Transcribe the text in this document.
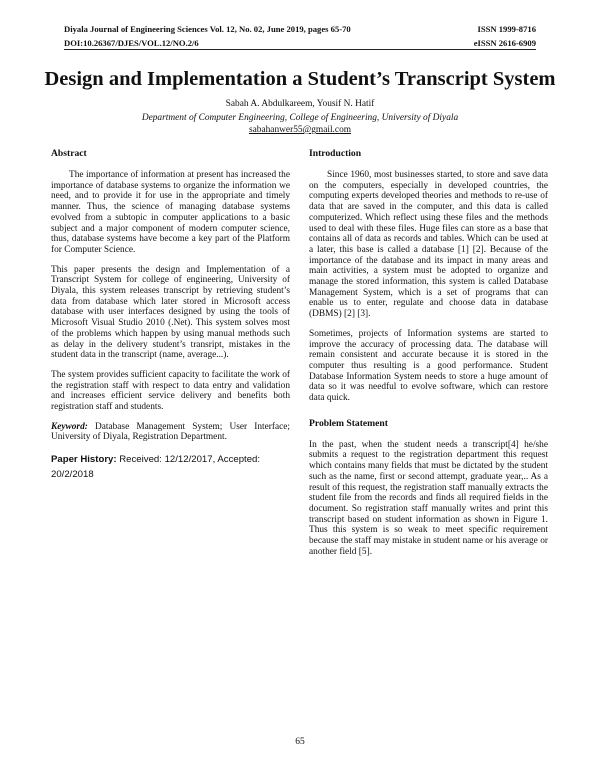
Diyala Journal of Engineering Sciences Vol. 12, No. 02, June 2019, pages 65-70	ISSN 1999-8716
DOI:10.26367/DJES/VOL.12/NO.2/6	eISSN 2616-6909
Design and Implementation a Student’s Transcript System
Sabah A. Abdulkareem, Yousif N. Hatif
Department of Computer Engineering, College of Engineering, University of Diyala
sabahanwer55@gmail.com
Abstract

The importance of information at present has increased the importance of database systems to organize the information we need, and to provide it for use in the appropriate and timely manner. Thus, the science of managing database systems evolved from a subtopic in computer applications to a basic subject and a major component of modern computer science, thus, database systems have become a key part of the Platform for Computer Science.

This paper presents the design and Implementation of a Transcript System for college of engineering, University of Diyala, this system releases transcript by retrieving student’s data from database which later stored in Microsoft access database with user interfaces designed by using the tools of Microsoft Visual Studio 2010 (.Net). This system solves most of the problems which happen by using manual methods such as delay in the delivery student’s transript, mistakes in the student data in the transcript (name, average...).

The system provides sufficient capacity to facilitate the work of the registration staff with respect to data entry and validation and increases efficient service delivery and benefits both registration staff and students.

Keyword: Database Management System; User Interface; University of Diyala, Registration Department.

Paper History: Received: 12/12/2017, Accepted: 20/2/2018

Introduction

Since 1960, most businesses started, to store and save data on the computers, especially in developed countries, the computing experts developed theories and methods to re-use of data that are saved in the computer, and this data is called computerized. Which reflect using these files and the methods used to deal with these files. Huge files can store as a base that contains all of data as records and tables. Which can be used at a later, this base is called a database [1] [2]. Because of the importance of the database and its impact in many areas and main activities, a system must be adopted to organize and manage the stored information, this system is called Database Management System, which is a set of programs that can enable us to enter, regulate and choose data in database (DBMS) [2] [3].

Sometimes, projects of Information systems are started to improve the accuracy of processing data. The database will remain consistent and accurate because it is stored in the computer thus resulting is a good performance. Student Database Information System needs to store a huge amount of data so it was needful to evolve software, which can restore data quick.

Problem Statement

In the past, when the student needs a transcript[4] he/she submits a request to the registration department this request which contains many fields that must be dictated by the student such as the name, first or second attempt, graduate year,.. As a result of this request, the registration staff manually extracts the student file from the records and finds all required fields in the document. So registration staff manually writes and print this transcript based on student information as shown in Figure 1. Thus this system is so weak to meet specific requirement because the staff may mistake in student name or his average or another field [5].

65
